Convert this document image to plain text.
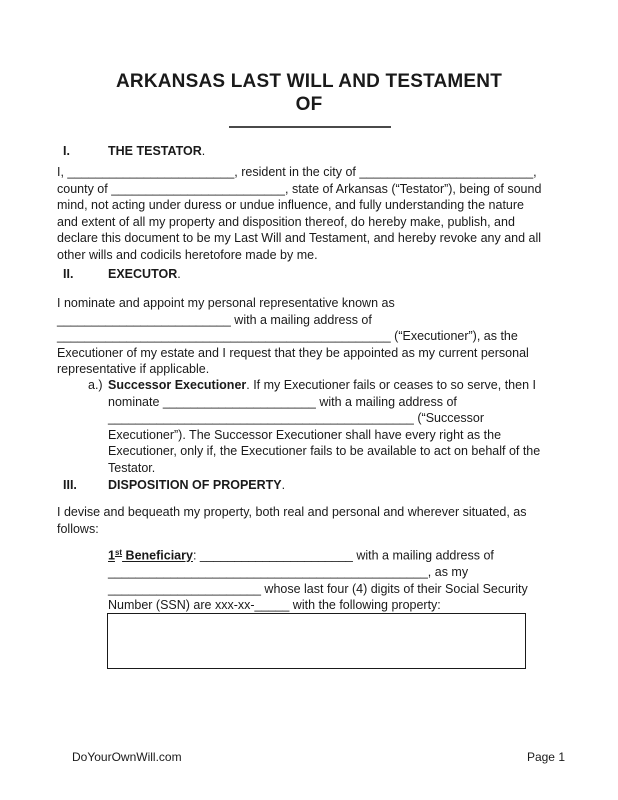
ARKANSAS LAST WILL AND TESTAMENT
OF
I.	THE TESTATOR.
I, ________________________, resident in the city of _________________________,
county of _________________________, state of Arkansas (“Testator”), being of sound
mind, not acting under duress or undue influence, and fully understanding the nature
and extent of all my property and disposition thereof, do hereby make, publish, and
declare this document to be my Last Will and Testament, and hereby revoke any and all
other wills and codicils heretofore made by me.
II.	EXECUTOR.
I nominate and appoint my personal representative known as
_________________________ with a mailing address of
________________________________________________ (“Executioner”), as the
Executioner of my estate and I request that they be appointed as my current personal
representative if applicable.
a.) Successor Executioner. If my Executioner fails or ceases to so serve, then I
nominate ______________________ with a mailing address of
____________________________________________ (“Successor
Executioner”). The Successor Executioner shall have every right as the
Executioner, only if, the Executioner fails to be available to act on behalf of the
Testator.
III. DISPOSITION OF PROPERTY.
I devise and bequeath my property, both real and personal and wherever situated, as
follows:
1st Beneficiary: ______________________ with a mailing address of
______________________________________________, as my
______________________ whose last four (4) digits of their Social Security
Number (SSN) are xxx-xx-_____ with the following property:
DoYourOwnWill.com	Page 1
